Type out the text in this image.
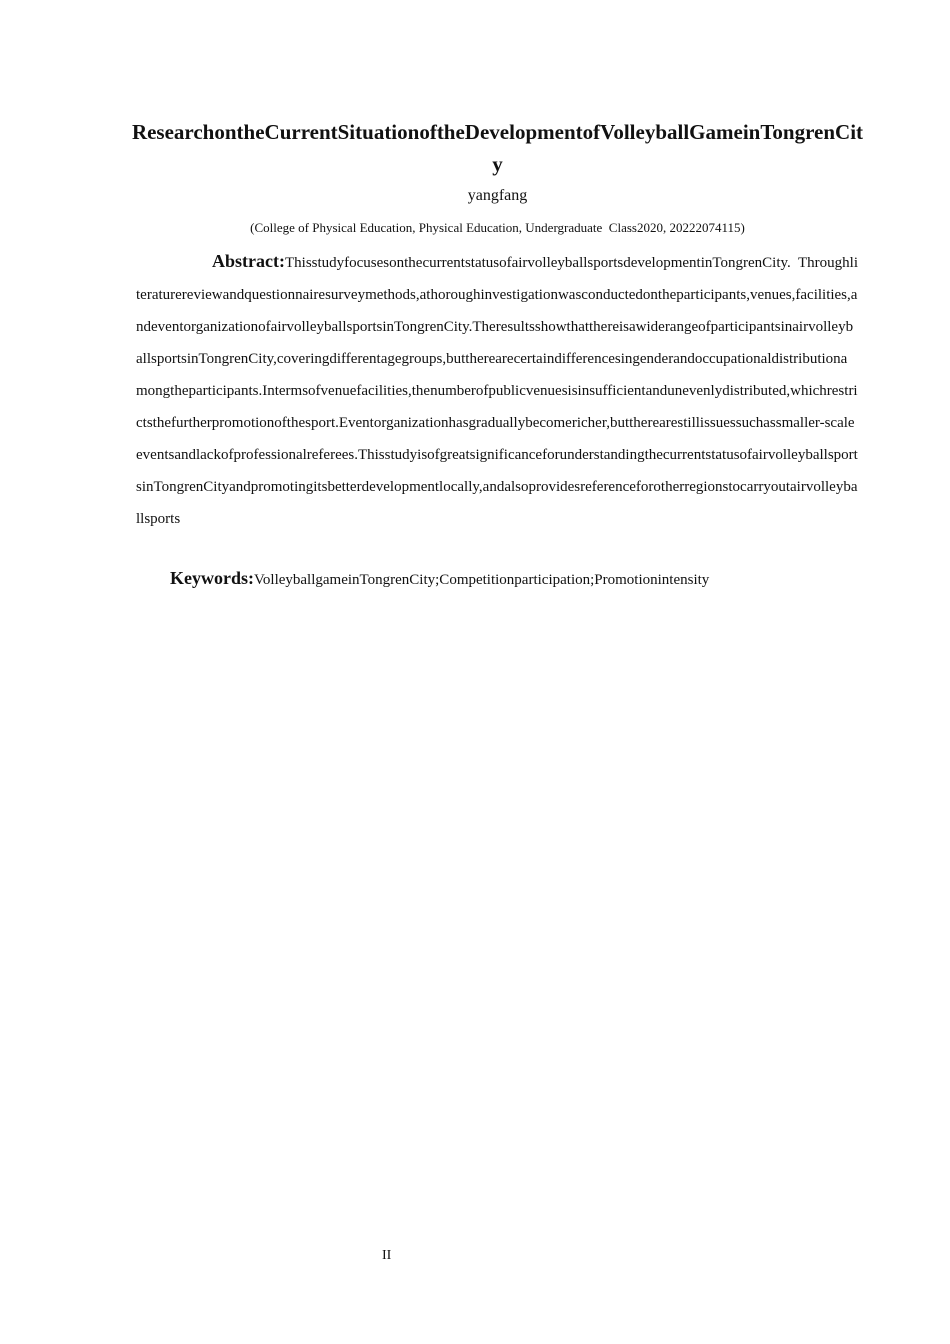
ResearchontheCurrentSituationoftheDevelopmentofVolleyballGameinTongrenCity
yangfang
(College of Physical Education, Physical Education, Undergraduate  Class2020, 20222074115)
Abstract:ThisstudyfocusesonthecurrentstatusofairvolleyballsportsdevelopmentinTongrenCity. Throughliteraturereviewandquestionnairesurveymethods,athoroughinvestigationwasconductedontheparticipants,venues,facilities,andeventorganizationofairvolleyballsportsinTongrenCity.TheresultsshowthatthereisawiderangeofparticipantsinairvolleyballsportsinTongrenCity,coveringdifferentagegroups,buttherearecertaindifferencesingenderandoccupationaldistributionamongtheparticipants.Intermsofvenuefacilities,thenumberofpublicvenuesisinsufficientandunevenlydistributed,whichrestrictsthefurtherpromotionofthesport.Eventorganizationhasgraduallybecomericher,buttherearestillissuessuchassmaller-scaleeventsandlackofprofessionalreferees.ThisstudyisofgreatsignificanceforunderstandingthecurrentstatusofairvolleyballsportsinTongrenCityandpromotingitsbetterdevelopmentlocally,andalsoprovidesreferenceforotherregionstocarryoutairvolleyballsports
Keywords:VolleyballgameinTongrenCity;Competitionparticipation;Promotionintensity
II
